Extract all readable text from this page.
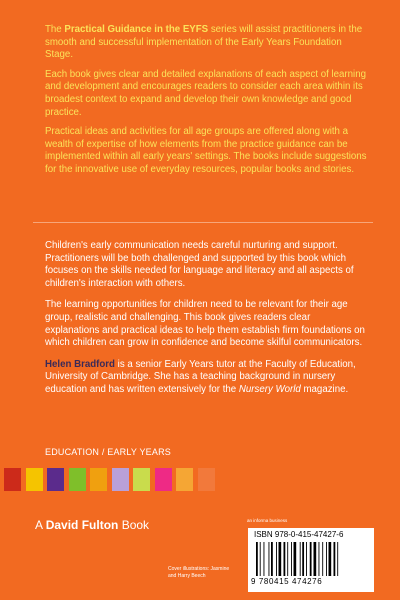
The Practical Guidance in the EYFS series will assist practitioners in the smooth and successful implementation of the Early Years Foundation Stage.

Each book gives clear and detailed explanations of each aspect of learning and development and encourages readers to consider each area within its broadest context to expand and develop their own knowledge and good practice.

Practical ideas and activities for all age groups are offered along with a wealth of expertise of how elements from the practice guidance can be implemented within all early years' settings. The books include suggestions for the innovative use of everyday resources, popular books and stories.

Children's early communication needs careful nurturing and support. Practitioners will be both challenged and supported by this book which focuses on the skills needed for language and literacy and all aspects of children's interaction with others.

The learning opportunities for children need to be relevant for their age group, realistic and challenging. This book gives readers clear explanations and practical ideas to help them establish firm foundations on which children can grow in confidence and become skilful communicators.

Helen Bradford is a senior Early Years tutor at the Faculty of Education, University of Cambridge. She has a teaching background in nursery education and has written extensively for the Nursery World magazine.

EDUCATION / EARLY YEARS
A David Fulton Book	an informa business
ISBN 978-0-415-47427-6
9 780415 474276
Cover illustrations: Jasmine
and Harry Beech
